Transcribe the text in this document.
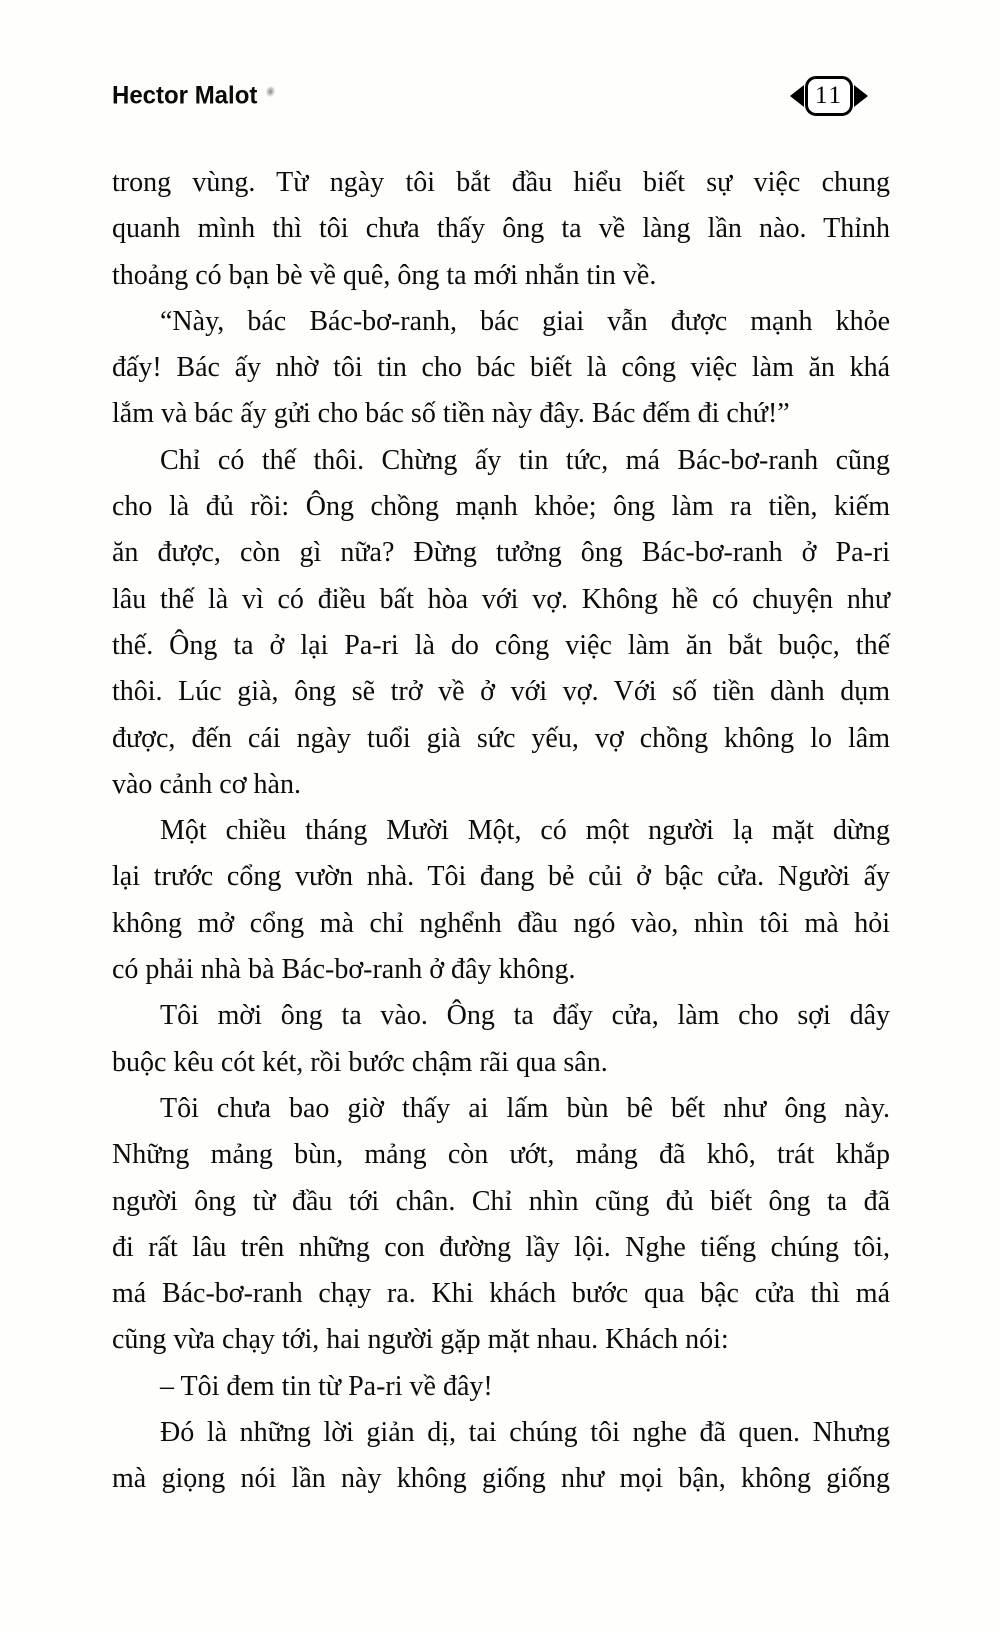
Hector Malot	11
trong vùng. Từ ngày tôi bắt đầu hiểu biết sự việc chung
quanh mình thì tôi chưa thấy ông ta về làng lần nào. Thỉnh
thoảng có bạn bè về quê, ông ta mới nhắn tin về.
“Này, bác Bác-bơ-ranh, bác giai vẫn được mạnh khỏe
đấy! Bác ấy nhờ tôi tin cho bác biết là công việc làm ăn khá
lắm và bác ấy gửi cho bác số tiền này đây. Bác đếm đi chứ!”
Chỉ có thế thôi. Chừng ấy tin tức, má Bác-bơ-ranh cũng
cho là đủ rồi: Ông chồng mạnh khỏe; ông làm ra tiền, kiếm
ăn được, còn gì nữa? Đừng tưởng ông Bác-bơ-ranh ở Pa-ri
lâu thế là vì có điều bất hòa với vợ. Không hề có chuyện như
thế. Ông ta ở lại Pa-ri là do công việc làm ăn bắt buộc, thế
thôi. Lúc già, ông sẽ trở về ở với vợ. Với số tiền dành dụm
được, đến cái ngày tuổi già sức yếu, vợ chồng không lo lâm
vào cảnh cơ hàn.
Một chiều tháng Mười Một, có một người lạ mặt dừng
lại trước cổng vườn nhà. Tôi đang bẻ củi ở bậc cửa. Người ấy
không mở cổng mà chỉ nghểnh đầu ngó vào, nhìn tôi mà hỏi
có phải nhà bà Bác-bơ-ranh ở đây không.
Tôi mời ông ta vào. Ông ta đẩy cửa, làm cho sợi dây
buộc kêu cót két, rồi bước chậm rãi qua sân.
Tôi chưa bao giờ thấy ai lấm bùn bê bết như ông này.
Những mảng bùn, mảng còn ướt, mảng đã khô, trát khắp
người ông từ đầu tới chân. Chỉ nhìn cũng đủ biết ông ta đã
đi rất lâu trên những con đường lầy lội. Nghe tiếng chúng tôi,
má Bác-bơ-ranh chạy ra. Khi khách bước qua bậc cửa thì má
cũng vừa chạy tới, hai người gặp mặt nhau. Khách nói:
– Tôi đem tin từ Pa-ri về đây!
Đó là những lời giản dị, tai chúng tôi nghe đã quen. Nhưng
mà giọng nói lần này không giống như mọi bận, không giống
